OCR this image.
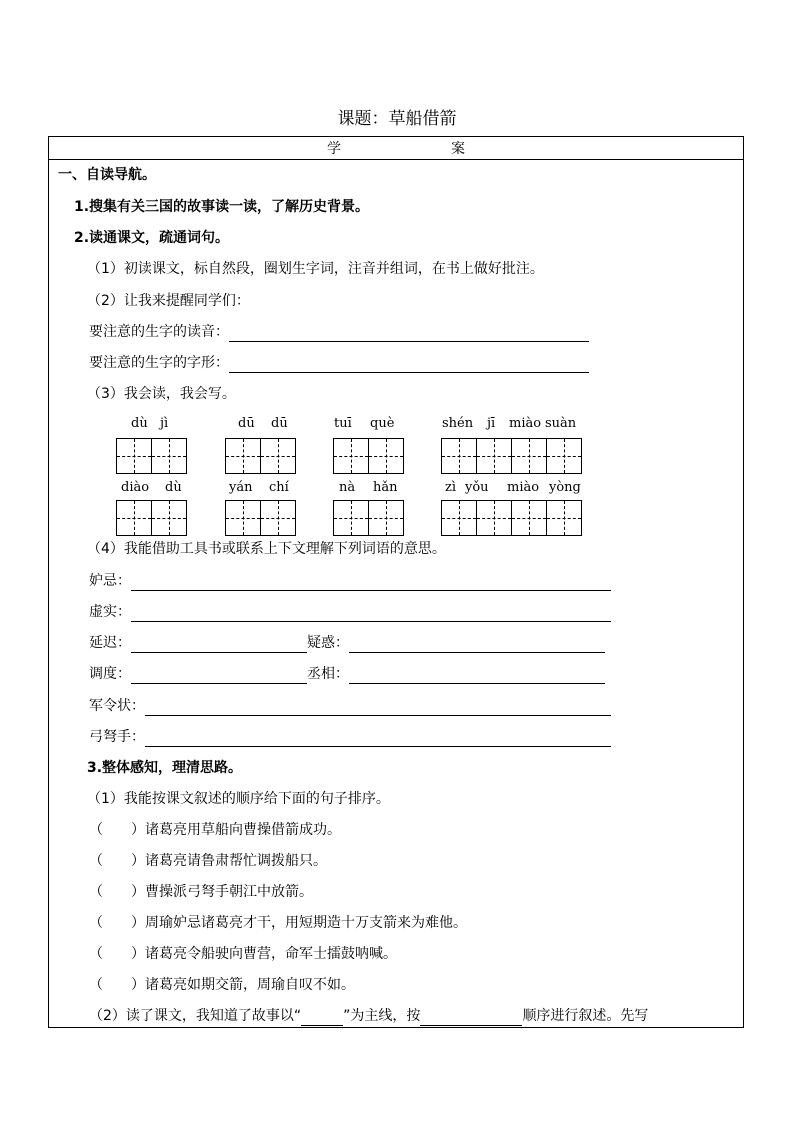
课题：草船借箭
学	案
一、自读导航。
1.搜集有关三国的故事读一读，了解历史背景。
2.读通课文，疏通词句。
（1）初读课文，标自然段，圈划生字词，注音并组词，在书上做好批注。
（2）让我来提醒同学们：
要注意的生字的读音：
要注意的生字的字形：
（3）我会读，我会写。
dù jì	dū dū	tuī què	shén jī miào suàn
diào dù	yán chí	nà hǎn	zì yǒu miào yòng
（4）我能借助工具书或联系上下文理解下列词语的意思。
妒忌：
虚实：
延迟：	疑惑：
调度：	丞相：
军令状：
弓弩手：
3.整体感知，理清思路。
（1）我能按课文叙述的顺序给下面的句子排序。
（　　）诸葛亮用草船向曹操借箭成功。
（　　）诸葛亮请鲁肃帮忙调拨船只。
（　　）曹操派弓弩手朝江中放箭。
（　　）周瑜妒忌诸葛亮才干，用短期造十万支箭来为难他。
（　　）诸葛亮令船驶向曹营，命军士擂鼓呐喊。
（　　）诸葛亮如期交箭，周瑜自叹不如。
（2）读了课文，我知道了故事以“	”为主线，按	顺序进行叙述。先写
